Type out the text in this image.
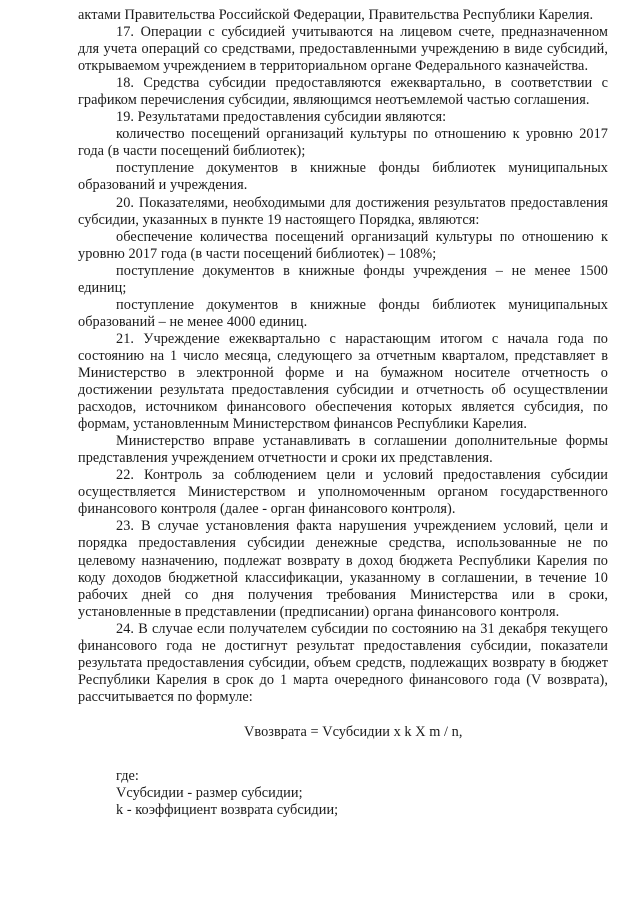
актами Правительства Российской Федерации, Правительства Республики Карелия.

17. Операции с субсидией учитываются на лицевом счете, предназначенном для учета операций со средствами, предоставленными учреждению в виде субсидий, открываемом учреждением в территориальном органе Федерального казначейства.

18. Средства субсидии предоставляются ежеквартально, в соответствии с графиком перечисления субсидии, являющимся неотъемлемой частью соглашения.

19. Результатами предоставления субсидии являются:

количество посещений организаций культуры по отношению к уровню 2017 года (в части посещений библиотек);

поступление документов в книжные фонды библиотек муниципальных образований и учреждения.

20. Показателями, необходимыми для достижения результатов предоставления субсидии, указанных в пункте 19 настоящего Порядка, являются:

обеспечение количества посещений организаций культуры по отношению к уровню 2017 года (в части посещений библиотек) – 108%;

поступление документов в книжные фонды учреждения – не менее 1500 единиц;

поступление документов в книжные фонды библиотек муниципальных образований – не менее 4000 единиц.

21. Учреждение ежеквартально с нарастающим итогом с начала года по состоянию на 1 число месяца, следующего за отчетным кварталом, представляет в Министерство в электронной форме и на бумажном носителе отчетность о достижении результата предоставления субсидии и отчетность об осуществлении расходов, источником финансового обеспечения которых является субсидия, по формам, установленным Министерством финансов Республики Карелия.

Министерство вправе устанавливать в соглашении дополнительные формы представления учреждением отчетности и сроки их представления.

22. Контроль за соблюдением цели и условий предоставления субсидии осуществляется Министерством и уполномоченным органом государственного финансового контроля (далее - орган финансового контроля).

23. В случае установления факта нарушения учреждением условий, цели и порядка предоставления субсидии денежные средства, использованные не по целевому назначению, подлежат возврату в доход бюджета Республики Карелия по коду доходов бюджетной классификации, указанному в соглашении, в течение 10 рабочих дней со дня получения требования Министерства или в сроки, установленные в представлении (предписании) органа финансового контроля.

24. В случае если получателем субсидии по состоянию на 31 декабря текущего финансового года не достигнут результат предоставления субсидии, показатели результата предоставления субсидии, объем средств, подлежащих возврату в бюджет Республики Карелия в срок до 1 марта очередного финансового года (V возврата), рассчитывается по формуле:

Vвозврата = Vсубсидии x k X m / n,

где:

Vсубсидии - размер субсидии;

k - коэффициент возврата субсидии;
